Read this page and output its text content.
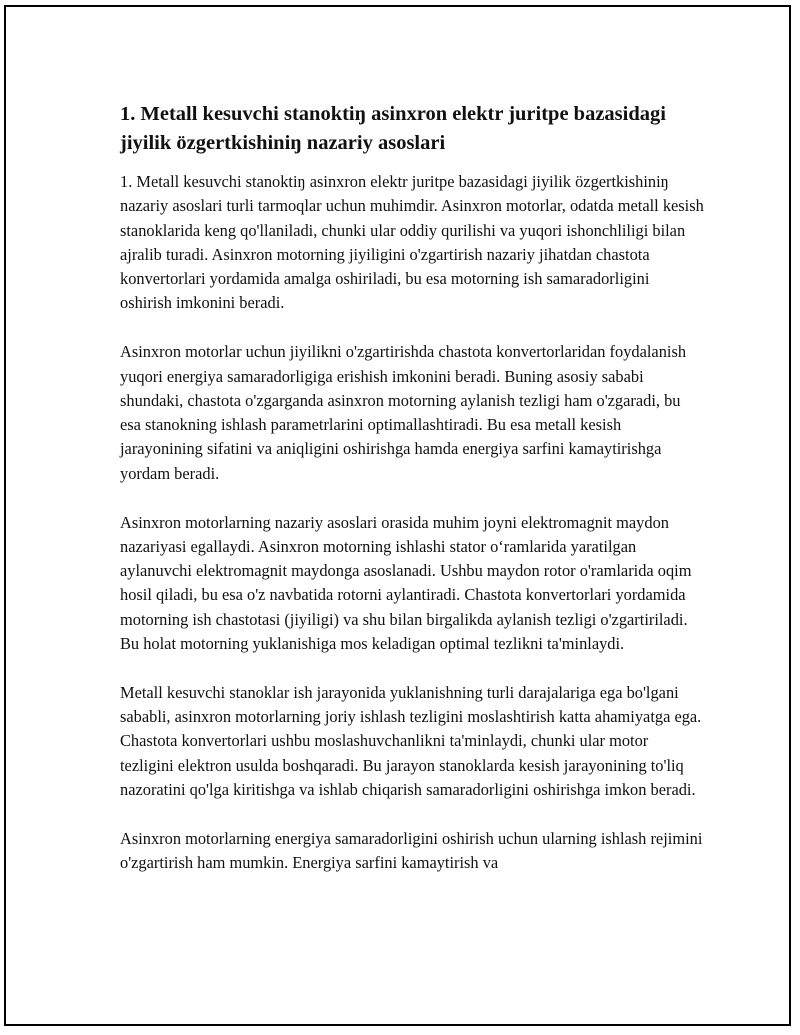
1. Metall kesuvchi stanoktiŋ asinxron elektr juritpe bazasidagi jiyilik özgertkishiniŋ nazariy asoslari

1. Metall kesuvchi stanoktiŋ asinxron elektr juritpe bazasidagi jiyilik özgertkishiniŋ nazariy asoslari turli tarmoqlar uchun muhimdir. Asinxron motorlar, odatda metall kesish stanoklarida keng qo'llaniladi, chunki ular oddiy qurilishi va yuqori ishonchliligi bilan ajralib turadi. Asinxron motorning jiyiligini o'zgartirish nazariy jihatdan chastota konvertorlari yordamida amalga oshiriladi, bu esa motorning ish samaradorligini oshirish imkonini beradi.

Asinxron motorlar uchun jiyilikni o'zgartirishda chastota konvertorlaridan foydalanish yuqori energiya samaradorligiga erishish imkonini beradi. Buning asosiy sababi shundaki, chastota o'zgarganda asinxron motorning aylanish tezligi ham o'zgaradi, bu esa stanokning ishlash parametrlarini optimallashtiradi. Bu esa metall kesish jarayonining sifatini va aniqligini oshirishga hamda energiya sarfini kamaytirishga yordam beradi.

Asinxron motorlarning nazariy asoslari orasida muhim joyni elektromagnit maydon nazariyasi egallaydi. Asinxron motorning ishlashi stator o‘ramlarida yaratilgan aylanuvchi elektromagnit maydonga asoslanadi. Ushbu maydon rotor o'ramlarida oqim hosil qiladi, bu esa o'z navbatida rotorni aylantiradi. Chastota konvertorlari yordamida motorning ish chastotasi (jiyiligi) va shu bilan birgalikda aylanish tezligi o'zgartiriladi. Bu holat motorning yuklanishiga mos keladigan optimal tezlikni ta'minlaydi.

Metall kesuvchi stanoklar ish jarayonida yuklanishning turli darajalariga ega bo'lgani sababli, asinxron motorlarning joriy ishlash tezligini moslashtirish katta ahamiyatga ega. Chastota konvertorlari ushbu moslashuvchanlikni ta'minlaydi, chunki ular motor tezligini elektron usulda boshqaradi. Bu jarayon stanoklarda kesish jarayonining to'liq nazoratini qo'lga kiritishga va ishlab chiqarish samaradorligini oshirishga imkon beradi.

Asinxron motorlarning energiya samaradorligini oshirish uchun ularning ishlash rejimini o'zgartirish ham mumkin. Energiya sarfini kamaytirish va
